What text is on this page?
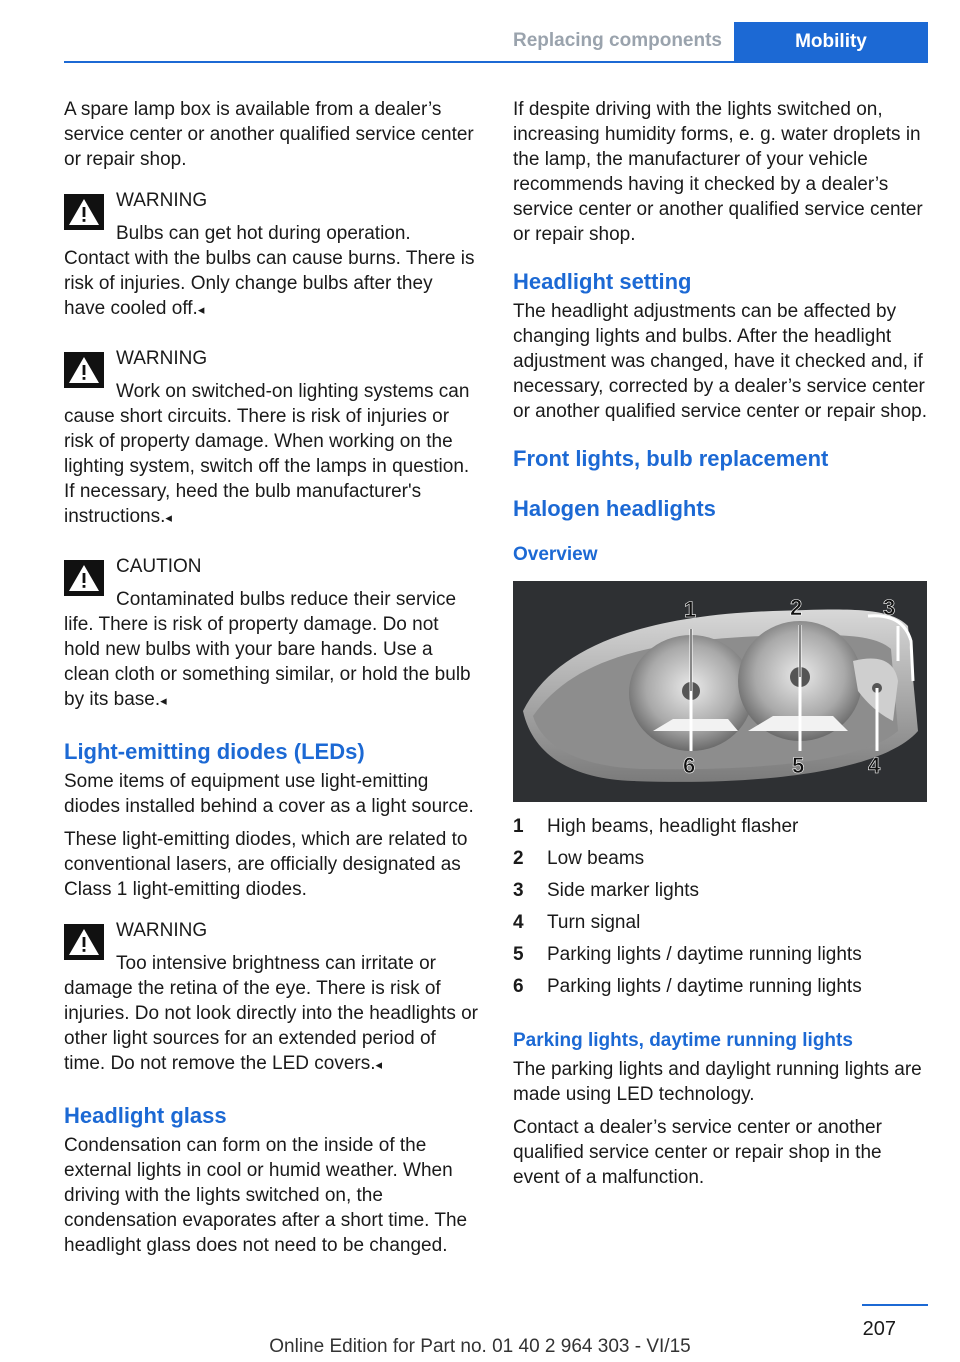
Replacing components	Mobility

A spare lamp box is available from a dealer’s service center or another qualified service center or repair shop.

WARNING
Bulbs can get hot during operation. Contact with the bulbs can cause burns. There is risk of injuries. Only change bulbs after they have cooled off.◂
WARNING
Work on switched-on lighting systems can cause short circuits. There is risk of injuries or risk of property damage. When working on the lighting system, switch off the lamps in question. If necessary, heed the bulb manufacturer's instructions.◂
CAUTION
Contaminated bulbs reduce their service life. There is risk of property damage. Do not hold new bulbs with your bare hands. Use a clean cloth or something similar, or hold the bulb by its base.◂
Light-emitting diodes (LEDs)

Some items of equipment use light-emitting diodes installed behind a cover as a light source.

These light-emitting diodes, which are related to conventional lasers, are officially designated as Class 1 light-emitting diodes.

WARNING
Too intensive brightness can irritate or damage the retina of the eye. There is risk of injuries. Do not look directly into the headlights or other light sources for an extended period of time. Do not remove the LED covers.◂
Headlight glass

Condensation can form on the inside of the external lights in cool or humid weather. When driving with the lights switched on, the condensation evaporates after a short time. The headlight glass does not need to be changed.

If despite driving with the lights switched on, increasing humidity forms, e. g. water droplets in the lamp, the manufacturer of your vehicle recommends having it checked by a dealer’s service center or another qualified service center or repair shop.

Headlight setting

The headlight adjustments can be affected by changing lights and bulbs. After the headlight adjustment was changed, have it checked and, if necessary, corrected by a dealer’s service center or another qualified service center or repair shop.

Front lights, bulb replacement
Halogen headlights
Overview
1	2	3
4
5
6
1	High beams, headlight flasher
2	Low beams
3	Side marker lights
4	Turn signal
5	Parking lights / daytime running lights
6	Parking lights / daytime running lights
Parking lights, daytime running lights

The parking lights and daylight running lights are made using LED technology.

Contact a dealer’s service center or another qualified service center or repair shop in the event of a malfunction.

207
Online Edition for Part no. 01 40 2 964 303 - VI/15
